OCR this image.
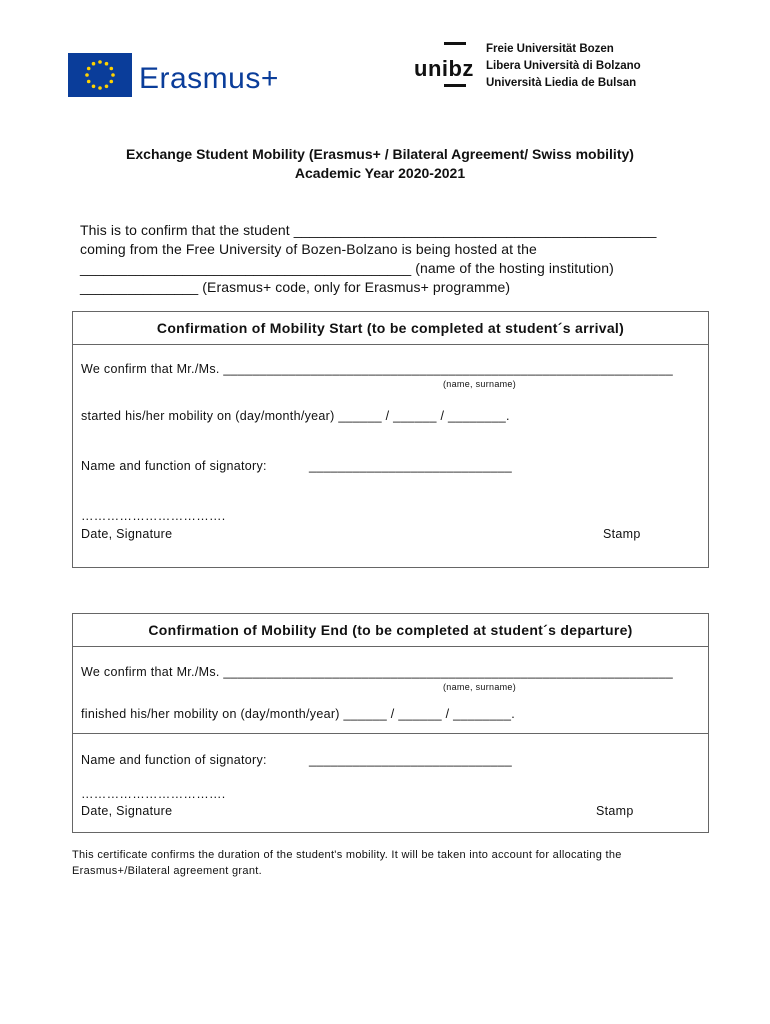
Erasmus+	unibz
Freie Universität Bozen
Libera Università di Bolzano
Università Liedia de Bulsan
Exchange Student Mobility (Erasmus+ / Bilateral Agreement/ Swiss mobility)
Academic Year 2020-2021
This is to confirm that the student ______________________________________________
coming from the Free University of Bozen-Bolzano is being hosted at the
__________________________________________ (name of the hosting institution)
_______________ (Erasmus+ code, only for Erasmus+ programme)
Confirmation of Mobility Start (to be completed at student´s arrival)
We confirm that Mr./Ms. ______________________________________________________________
(name, surname)
started his/her mobility on (day/month/year) ______ / ______ / ________.
Name and function of signatory:	____________________________
…………………………….
Date, Signature	Stamp
Confirmation of Mobility End (to be completed at student´s departure)
We confirm that Mr./Ms. ______________________________________________________________
(name, surname)
finished his/her mobility on (day/month/year) ______ / ______ / ________.
Name and function of signatory:	____________________________
…………………………….
Date, Signature	Stamp
This certificate confirms the duration of the student's mobility. It will be taken into account for allocating the
Erasmus+/Bilateral agreement grant.
